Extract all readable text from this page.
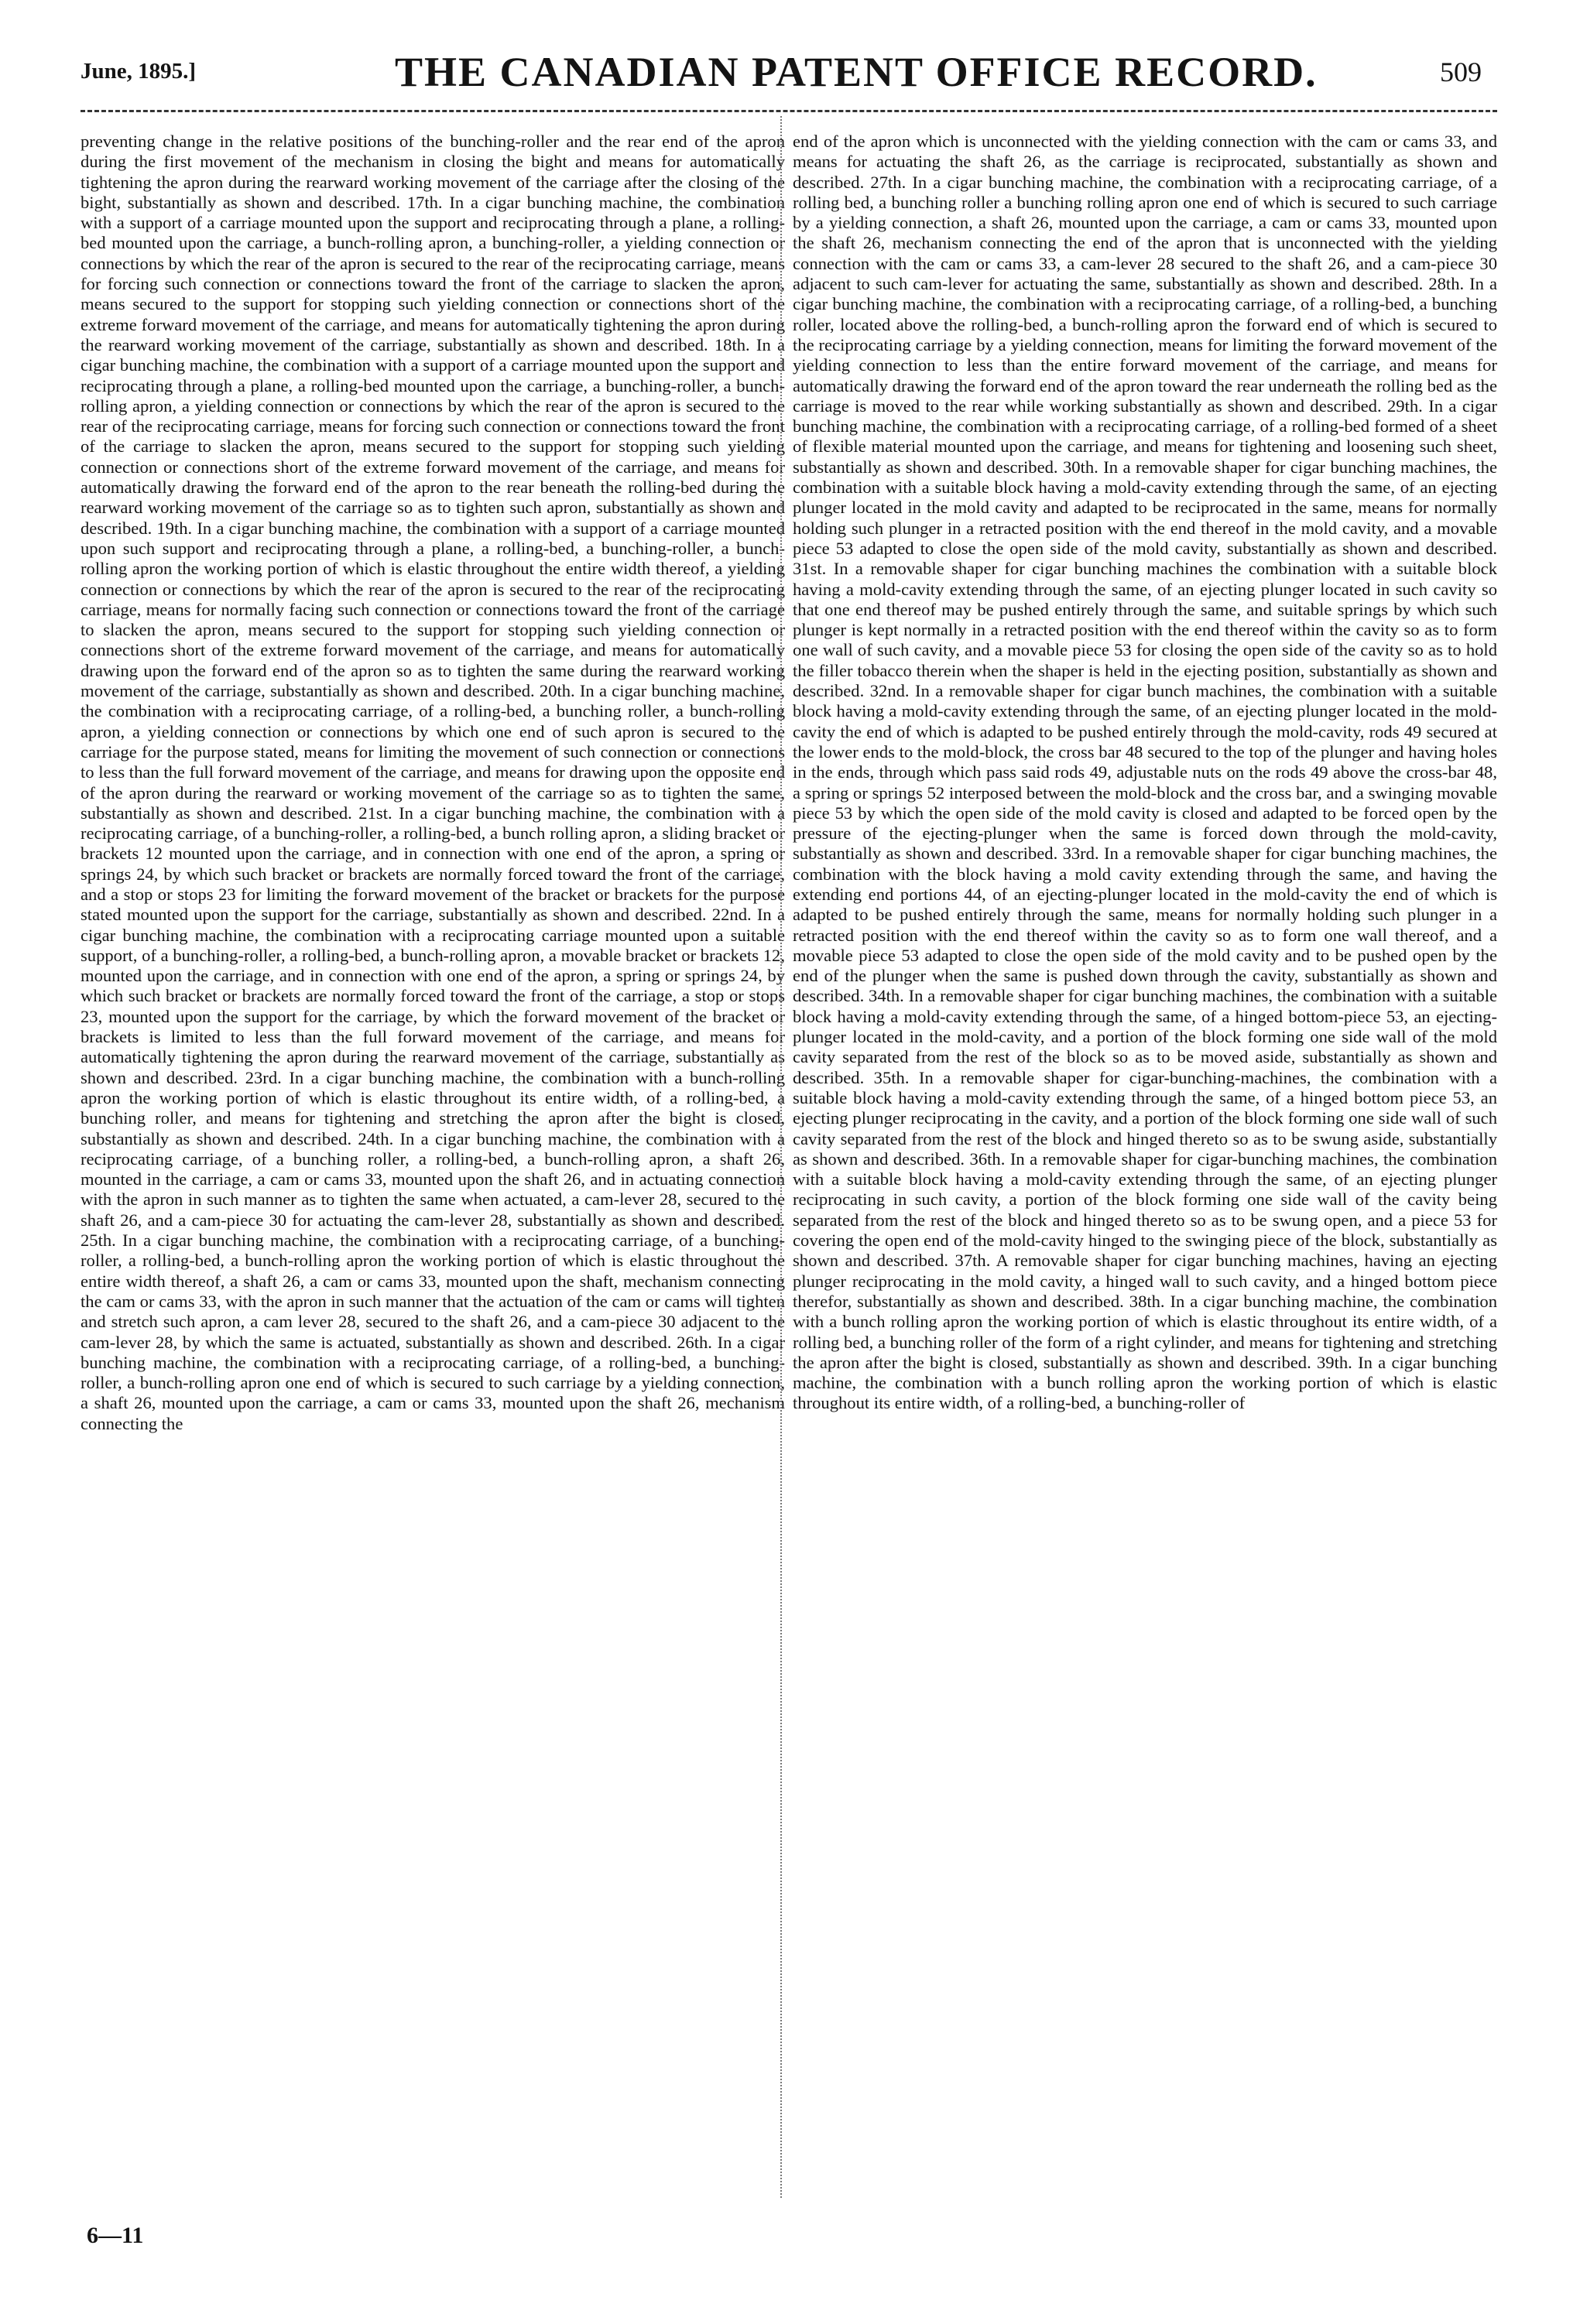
June, 1895.]	THE CANADIAN PATENT OFFICE RECORD.	509
preventing change in the relative positions of the bunching-roller and the rear end of the apron during the first movement of the mechanism in closing the bight and means for automatically tightening the apron during the rearward working movement of the carriage after the closing of the bight, substantially as shown and described. 17th. In a cigar bunching machine, the combination with a support of a carriage mounted upon the support and reciprocating through a plane, a rolling-bed mounted upon the carriage, a bunch-rolling apron, a bunching-roller, a yielding connection or connections by which the rear of the apron is secured to the rear of the reciprocating carriage, means for forcing such connection or connections toward the front of the carriage to slacken the apron, means secured to the support for stopping such yielding connection or connections short of the extreme forward movement of the carriage, and means for automatically tightening the apron during the rearward working movement of the carriage, substantially as shown and described. 18th. In a cigar bunching machine, the combination with a support of a carriage mounted upon the support and reciprocating through a plane, a rolling-bed mounted upon the carriage, a bunching-roller, a bunch-rolling apron, a yielding connection or connections by which the rear of the apron is secured to the rear of the reciprocating carriage, means for forcing such connection or connections toward the front of the carriage to slacken the apron, means secured to the support for stopping such yielding connection or connections short of the extreme forward movement of the carriage, and means for automatically drawing the forward end of the apron to the rear beneath the rolling-bed during the rearward working movement of the carriage so as to tighten such apron, substantially as shown and described. 19th. In a cigar bunching machine, the combination with a support of a carriage mounted upon such support and reciprocating through a plane, a rolling-bed, a bunching-roller, a bunch-rolling apron the working portion of which is elastic throughout the entire width thereof, a yielding connection or connections by which the rear of the apron is secured to the rear of the reciprocating carriage, means for normally facing such connection or connections toward the front of the carriage to slacken the apron, means secured to the support for stopping such yielding connection or connections short of the extreme forward movement of the carriage, and means for automatically drawing upon the forward end of the apron so as to tighten the same during the rearward working movement of the carriage, substantially as shown and described. 20th. In a cigar bunching machine, the combination with a reciprocating carriage, of a rolling-bed, a bunching roller, a bunch-rolling apron, a yielding connection or connections by which one end of such apron is secured to the carriage for the purpose stated, means for limiting the movement of such connection or connections to less than the full forward movement of the carriage, and means for drawing upon the opposite end of the apron during the rearward or working movement of the carriage so as to tighten the same, substantially as shown and described. 21st. In a cigar bunching machine, the combination with a reciprocating carriage, of a bunching-roller, a rolling-bed, a bunch rolling apron, a sliding bracket or brackets 12 mounted upon the carriage, and in connection with one end of the apron, a spring or springs 24, by which such bracket or brackets are normally forced toward the front of the carriage, and a stop or stops 23 for limiting the forward movement of the bracket or brackets for the purpose stated mounted upon the support for the carriage, substantially as shown and described. 22nd. In a cigar bunching machine, the combination with a reciprocating carriage mounted upon a suitable support, of a bunching-roller, a rolling-bed, a bunch-rolling apron, a movable bracket or brackets 12, mounted upon the carriage, and in connection with one end of the apron, a spring or springs 24, by which such bracket or brackets are normally forced toward the front of the carriage, a stop or stops 23, mounted upon the support for the carriage, by which the forward movement of the bracket or brackets is limited to less than the full forward movement of the carriage, and means for automatically tightening the apron during the rearward movement of the carriage, substantially as shown and described. 23rd. In a cigar bunching machine, the combination with a bunch-rolling apron the working portion of which is elastic throughout its entire width, of a rolling-bed, a bunching roller, and means for tightening and stretching the apron after the bight is closed, substantially as shown and described. 24th. In a cigar bunching machine, the combination with a reciprocating carriage, of a bunching roller, a rolling-bed, a bunch-rolling apron, a shaft 26, mounted in the carriage, a cam or cams 33, mounted upon the shaft 26, and in actuating connection with the apron in such manner as to tighten the same when actuated, a cam-lever 28, secured to the shaft 26, and a cam-piece 30 for actuating the cam-lever 28, substantially as shown and described. 25th. In a cigar bunching machine, the combination with a reciprocating carriage, of a bunching-roller, a rolling-bed, a bunch-rolling apron the working portion of which is elastic throughout the entire width thereof, a shaft 26, a cam or cams 33, mounted upon the shaft, mechanism connecting the cam or cams 33, with the apron in such manner that the actuation of the cam or cams will tighten and stretch such apron, a cam lever 28, secured to the shaft 26, and a cam-piece 30 adjacent to the cam-lever 28, by which the same is actuated, substantially as shown and described. 26th. In a cigar bunching machine, the combination with a reciprocating carriage, of a rolling-bed, a bunching-roller, a bunch-rolling apron one end of which is secured to such carriage by a yielding connection, a shaft 26, mounted upon the carriage, a cam or cams 33, mounted upon the shaft 26, mechanism connecting the
end of the apron which is unconnected with the yielding connection with the cam or cams 33, and means for actuating the shaft 26, as the carriage is reciprocated, substantially as shown and described. 27th. In a cigar bunching machine, the combination with a reciprocating carriage, of a rolling bed, a bunching roller a bunching rolling apron one end of which is secured to such carriage by a yielding connection, a shaft 26, mounted upon the carriage, a cam or cams 33, mounted upon the shaft 26, mechanism connecting the end of the apron that is unconnected with the yielding connection with the cam or cams 33, a cam-lever 28 secured to the shaft 26, and a cam-piece 30 adjacent to such cam-lever for actuating the same, substantially as shown and described. 28th. In a cigar bunching machine, the combination with a reciprocating carriage, of a rolling-bed, a bunching roller, located above the rolling-bed, a bunch-rolling apron the forward end of which is secured to the reciprocating carriage by a yielding connection, means for limiting the forward movement of the yielding connection to less than the entire forward movement of the carriage, and means for automatically drawing the forward end of the apron toward the rear underneath the rolling bed as the carriage is moved to the rear while working substantially as shown and described. 29th. In a cigar bunching machine, the combination with a reciprocating carriage, of a rolling-bed formed of a sheet of flexible material mounted upon the carriage, and means for tightening and loosening such sheet, substantially as shown and described. 30th. In a removable shaper for cigar bunching machines, the combination with a suitable block having a mold-cavity extending through the same, of an ejecting plunger located in the mold cavity and adapted to be reciprocated in the same, means for normally holding such plunger in a retracted position with the end thereof in the mold cavity, and a movable piece 53 adapted to close the open side of the mold cavity, substantially as shown and described. 31st. In a removable shaper for cigar bunching machines the combination with a suitable block having a mold-cavity extending through the same, of an ejecting plunger located in such cavity so that one end thereof may be pushed entirely through the same, and suitable springs by which such plunger is kept normally in a retracted position with the end thereof within the cavity so as to form one wall of such cavity, and a movable piece 53 for closing the open side of the cavity so as to hold the filler tobacco therein when the shaper is held in the ejecting position, substantially as shown and described. 32nd. In a removable shaper for cigar bunch machines, the combination with a suitable block having a mold-cavity extending through the same, of an ejecting plunger located in the mold-cavity the end of which is adapted to be pushed entirely through the mold-cavity, rods 49 secured at the lower ends to the mold-block, the cross bar 48 secured to the top of the plunger and having holes in the ends, through which pass said rods 49, adjustable nuts on the rods 49 above the cross-bar 48, a spring or springs 52 interposed between the mold-block and the cross bar, and a swinging movable piece 53 by which the open side of the mold cavity is closed and adapted to be forced open by the pressure of the ejecting-plunger when the same is forced down through the mold-cavity, substantially as shown and described. 33rd. In a removable shaper for cigar bunching machines, the combination with the block having a mold cavity extending through the same, and having the extending end portions 44, of an ejecting-plunger located in the mold-cavity the end of which is adapted to be pushed entirely through the same, means for normally holding such plunger in a retracted position with the end thereof within the cavity so as to form one wall thereof, and a movable piece 53 adapted to close the open side of the mold cavity and to be pushed open by the end of the plunger when the same is pushed down through the cavity, substantially as shown and described. 34th. In a removable shaper for cigar bunching machines, the combination with a suitable block having a mold-cavity extending through the same, of a hinged bottom-piece 53, an ejecting-plunger located in the mold-cavity, and a portion of the block forming one side wall of the mold cavity separated from the rest of the block so as to be moved aside, substantially as shown and described. 35th. In a removable shaper for cigar-bunching-machines, the combination with a suitable block having a mold-cavity extending through the same, of a hinged bottom piece 53, an ejecting plunger reciprocating in the cavity, and a portion of the block forming one side wall of such cavity separated from the rest of the block and hinged thereto so as to be swung aside, substantially as shown and described. 36th. In a removable shaper for cigar-bunching machines, the combination with a suitable block having a mold-cavity extending through the same, of an ejecting plunger reciprocating in such cavity, a portion of the block forming one side wall of the cavity being separated from the rest of the block and hinged thereto so as to be swung open, and a piece 53 for covering the open end of the mold-cavity hinged to the swinging piece of the block, substantially as shown and described. 37th. A removable shaper for cigar bunching machines, having an ejecting plunger reciprocating in the mold cavity, a hinged wall to such cavity, and a hinged bottom piece therefor, substantially as shown and described. 38th. In a cigar bunching machine, the combination with a bunch rolling apron the working portion of which is elastic throughout its entire width, of a rolling bed, a bunching roller of the form of a right cylinder, and means for tightening and stretching the apron after the bight is closed, substantially as shown and described. 39th. In a cigar bunching machine, the combination with a bunch rolling apron the working portion of which is elastic throughout its entire width, of a rolling-bed, a bunching-roller of
6—11
